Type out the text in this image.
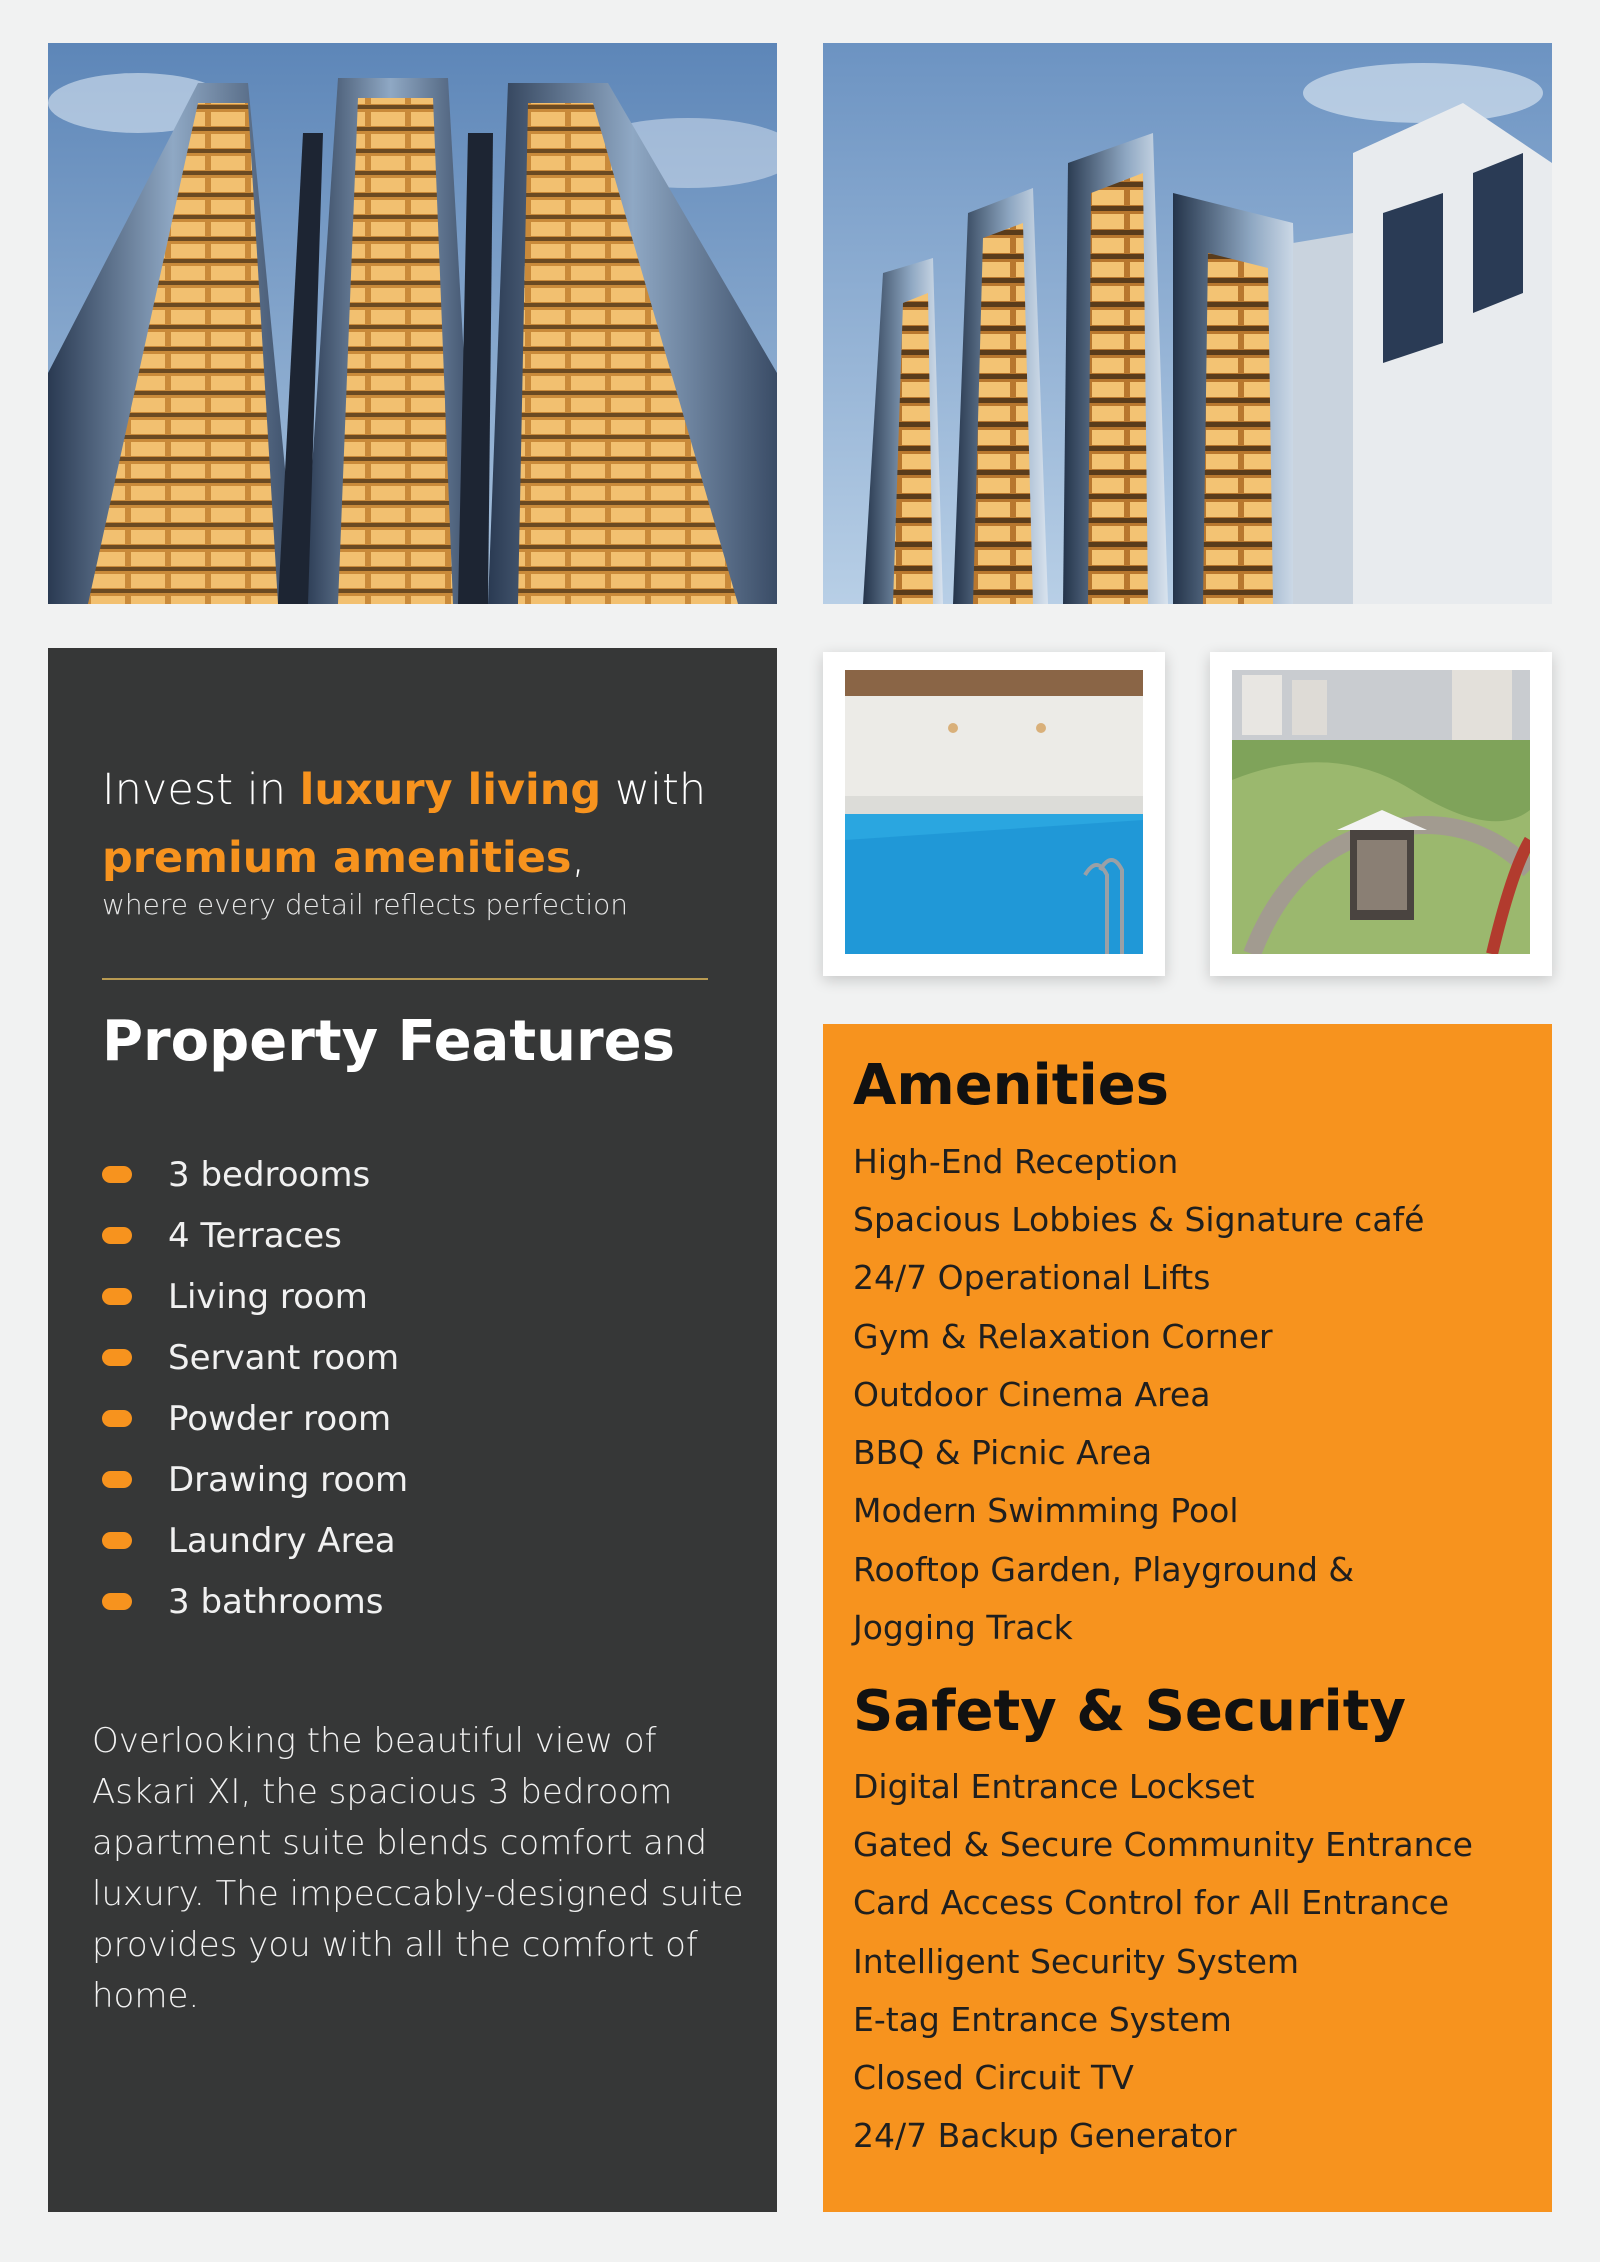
Invest in luxury living with
premium amenities,
where every detail reflects perfection
Property Features
3 bedrooms
4 Terraces
Living room
Servant room
Powder room
Drawing room
Laundry Area
3 bathrooms

Overlooking the beautiful view of Askari XI, the spacious 3 bedroom apartment suite blends comfort and luxury. The impeccably-designed suite provides you with all the comfort of home.

Amenities
High-End Reception
Spacious Lobbies & Signature café
24/7 Operational Lifts
Gym & Relaxation Corner
Outdoor Cinema Area
BBQ & Picnic Area
Modern Swimming Pool
Rooftop Garden, Playground &
Jogging Track
Safety & Security
Digital Entrance Lockset
Gated & Secure Community Entrance
Card Access Control for All Entrance
Intelligent Security System
E-tag Entrance System
Closed Circuit TV
24/7 Backup Generator
